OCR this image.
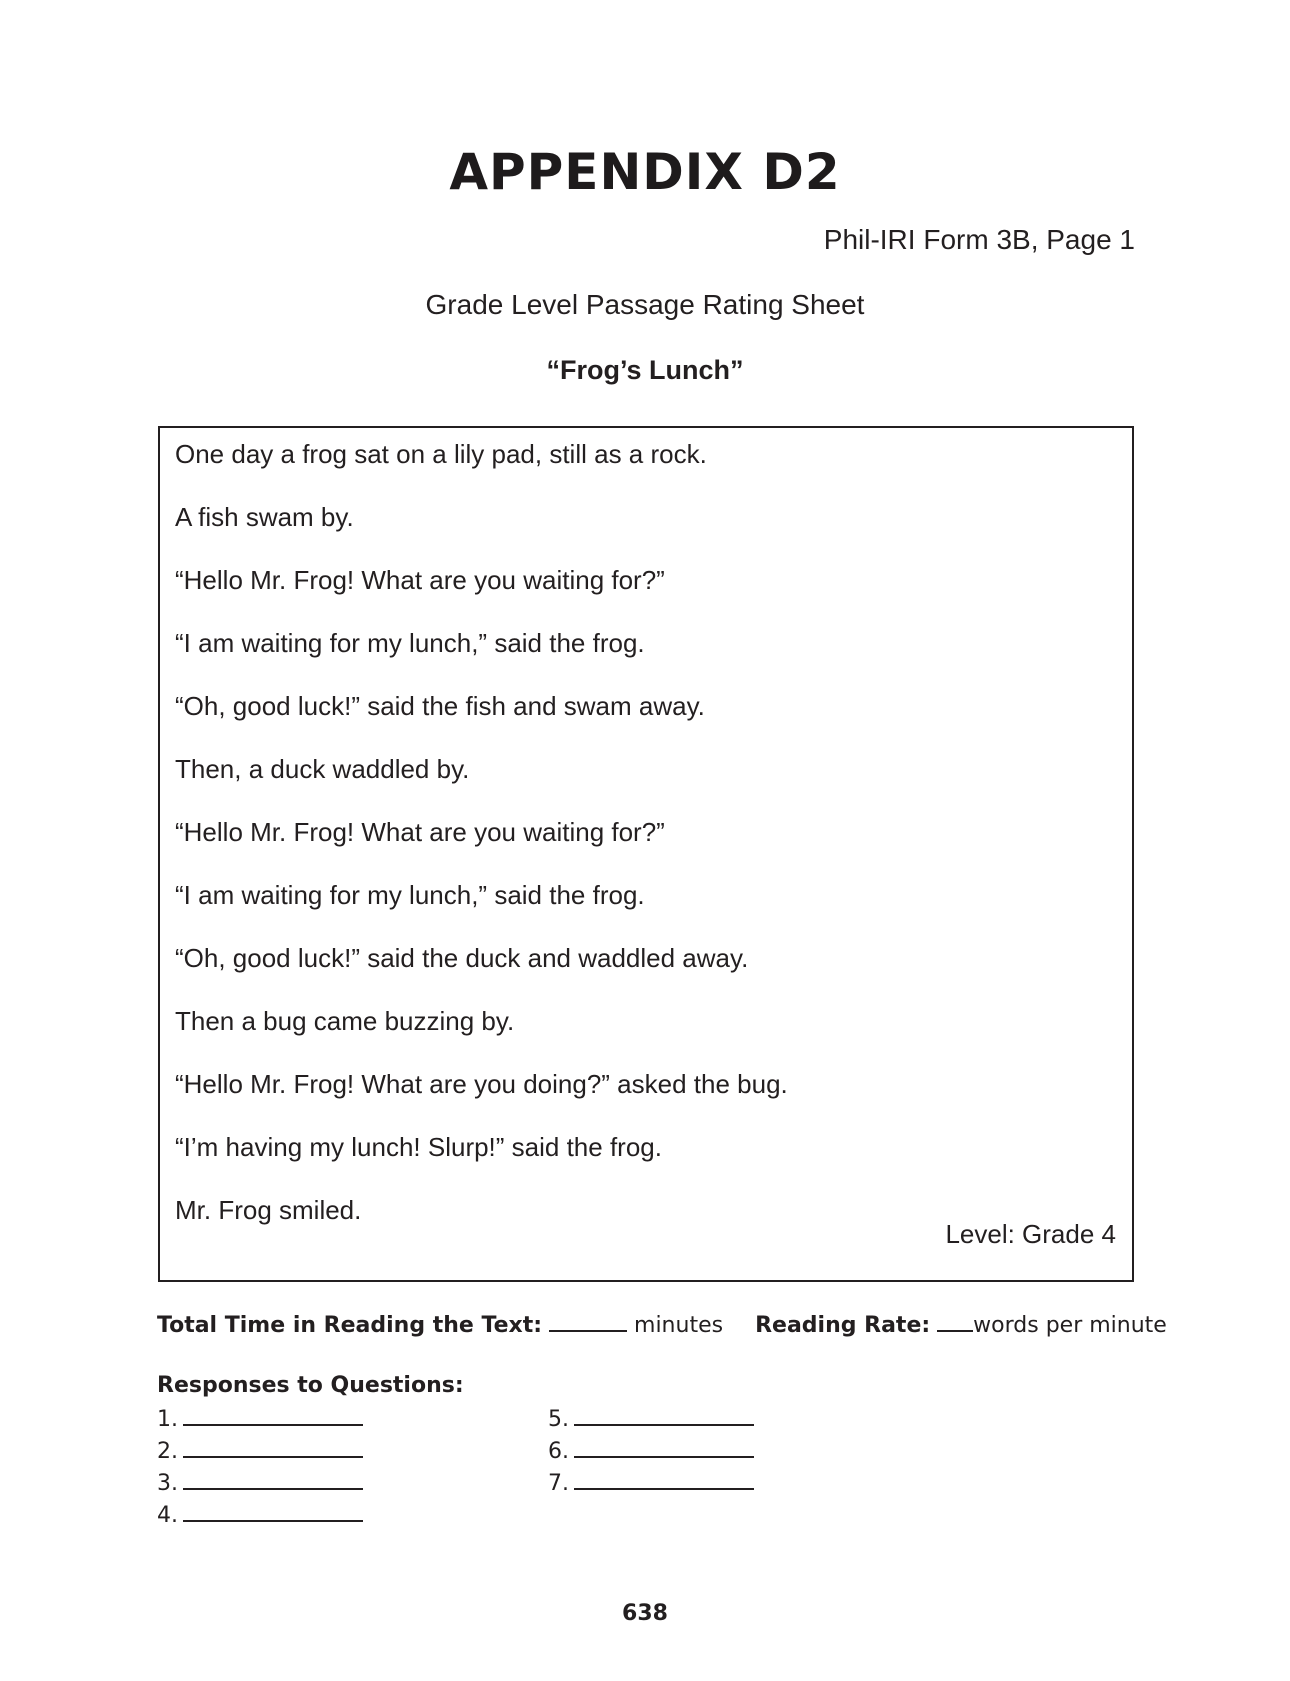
APPENDIX D2
Phil-IRI Form 3B, Page 1
Grade Level Passage Rating Sheet
“Frog’s Lunch”
One day a frog sat on a lily pad, still as a rock.
A fish swam by.
“Hello Mr. Frog! What are you waiting for?”
“I am waiting for my lunch,” said the frog.
“Oh, good luck!” said the fish and swam away.
Then, a duck waddled by.
“Hello Mr. Frog! What are you waiting for?”
“I am waiting for my lunch,” said the frog.
“Oh, good luck!” said the duck and waddled away.
Then a bug came buzzing by.
“Hello Mr. Frog! What are you doing?” asked the bug.
“I’m having my lunch! Slurp!” said the frog.
Mr. Frog smiled.
Level: Grade 4
Total Time in Reading the Text:	minutes Reading Rate: words per minute
Responses to Questions:
1.
2.
3.
4.
5.
6.
7.
638
